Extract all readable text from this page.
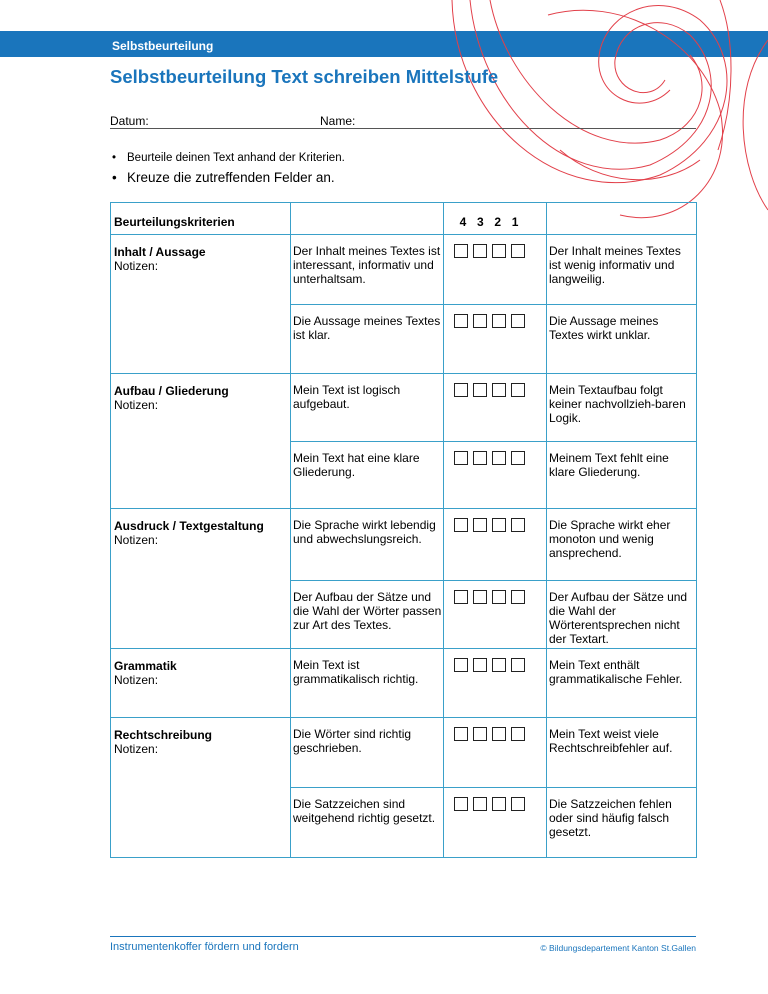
Selbstbeurteilung
Selbstbeurteilung Text schreiben Mittelstufe
Datum:	Name:
• Beurteile deinen Text anhand der Kriterien.
• Kreuze die zutreffenden Felder an.
Beurteilungskriterien		4 3 2 1	

Inhalt / Aussage
Notizen:	Der Inhalt meines Textes ist interessant, informativ und unterhaltsam.		Der Inhalt meines Textes ist wenig informativ und langweilig.
	Die Aussage meines Textes ist klar.		Die Aussage meines Textes wirkt unklar.

Aufbau / Gliederung
Notizen:	Mein Text ist logisch aufgebaut.		Mein Textaufbau folgt keiner nachvollzieh-baren Logik.
	Mein Text hat eine klare Gliederung.		Meinem Text fehlt eine klare Gliederung.

Ausdruck / Textgestaltung
Notizen:	Die Sprache wirkt lebendig und abwechslungsreich.		Die Sprache wirkt eher monoton und wenig ansprechend.
	Der Aufbau der Sätze und die Wahl der Wörter passen zur Art des Textes.		Der Aufbau der Sätze und die Wahl der Wörterentsprechen nicht der Textart.

Grammatik
Notizen:	Mein Text ist grammatikalisch richtig.		Mein Text enthält grammatikalische Fehler.

Rechtschreibung
Notizen:	Die Wörter sind richtig geschrieben.		Mein Text weist viele Rechtschreibfehler auf.
	Die Satzzeichen sind weitgehend richtig gesetzt.		Die Satzzeichen fehlen oder sind häufig falsch gesetzt.
Instrumentenkoffer fördern und fordern	© Bildungsdepartement Kanton St.Gallen
